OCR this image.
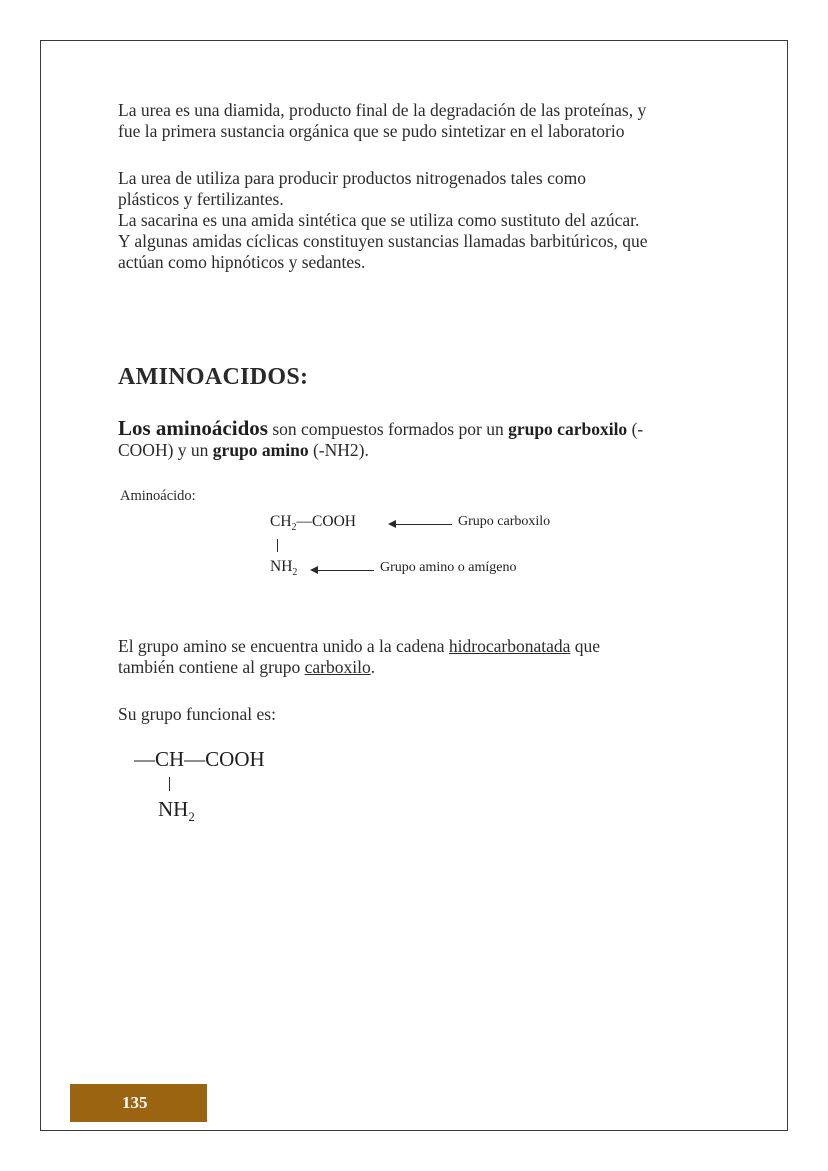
La urea es una diamida, producto final de la degradación de las proteínas, y
fue la primera sustancia orgánica que se pudo sintetizar en el laboratorio

La urea de utiliza para producir productos nitrogenados tales como
plásticos y fertilizantes.
La sacarina es una amida sintética que se utiliza como sustituto del azúcar.
Y algunas amidas cíclicas constituyen sustancias llamadas barbitúricos, que
actúan como hipnóticos y sedantes.

AMINOACIDOS:

Los aminoácidos son compuestos formados por un grupo carboxilo (-
COOH) y un grupo amino (-NH2).

Aminoácido:
$CH_2—COOH$	Grupo carboxilo
$NH_2$	Grupo amino o amígeno

El grupo amino se encuentra unido a la cadena hidrocarbonatada que
también contiene al grupo carboxilo.

Su grupo funcional es:

—CH—COOH
$NH_2$
135
